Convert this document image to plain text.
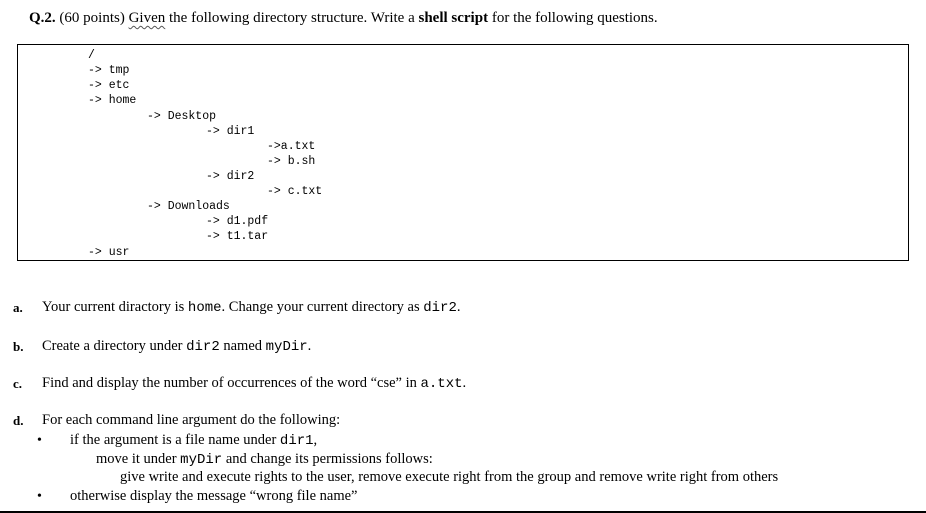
Q.2. (60 points) Given the following directory structure. Write a shell script for the following questions.
/
-> tmp
-> etc
-> home
-> Desktop
-> dir1
->a.txt
-> b.sh
-> dir2
-> c.txt
-> Downloads
-> d1.pdf
-> t1.tar
-> usr
a. Your current diractory is home. Change your current directory as dir2.
b. Create a directory under dir2 named myDir.
c. Find and display the number of occurrences of the word “cse” in a.txt.
d. For each command line argument do the following:
• if the argument is a file name under dir1,
move it under myDir and change its permissions follows:
give write and execute rights to the user, remove execute right from the group and remove write right from others
• otherwise display the message “wrong file name”
